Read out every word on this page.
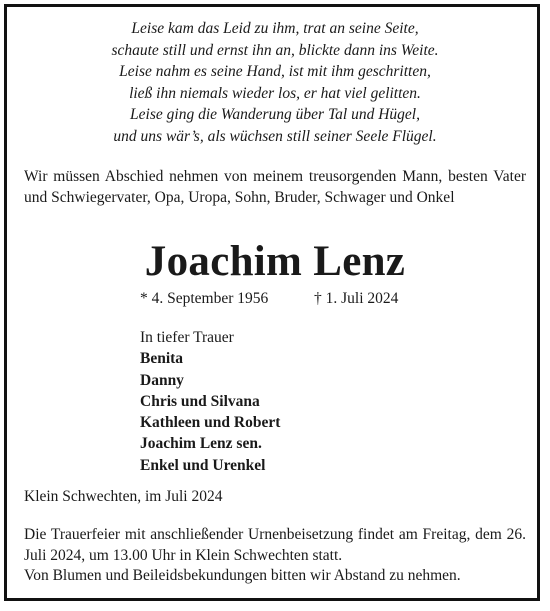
Leise kam das Leid zu ihm, trat an seine Seite,
schaute still und ernst ihn an, blickte dann ins Weite.
Leise nahm es seine Hand, ist mit ihm geschritten,
ließ ihn niemals wieder los, er hat viel gelitten.
Leise ging die Wanderung über Tal und Hügel,
und uns wär’s, als wüchsen still seiner Seele Flügel.
Wir müssen Abschied nehmen von meinem treusorgenden Mann, besten Vater und Schwiegervater, Opa, Uropa, Sohn, Bruder, Schwager und Onkel
Joachim Lenz
* 4. September 1956	† 1. Juli 2024
In tiefer Trauer
Benita
Danny
Chris und Silvana
Kathleen und Robert
Joachim Lenz sen.
Enkel und Urenkel
Klein Schwechten, im Juli 2024

Die Trauerfeier mit anschließender Urnenbeisetzung findet am Freitag, dem 26. Juli 2024, um 13.00 Uhr in Klein Schwechten statt.

Von Blumen und Beileidsbekundungen bitten wir Abstand zu nehmen.
